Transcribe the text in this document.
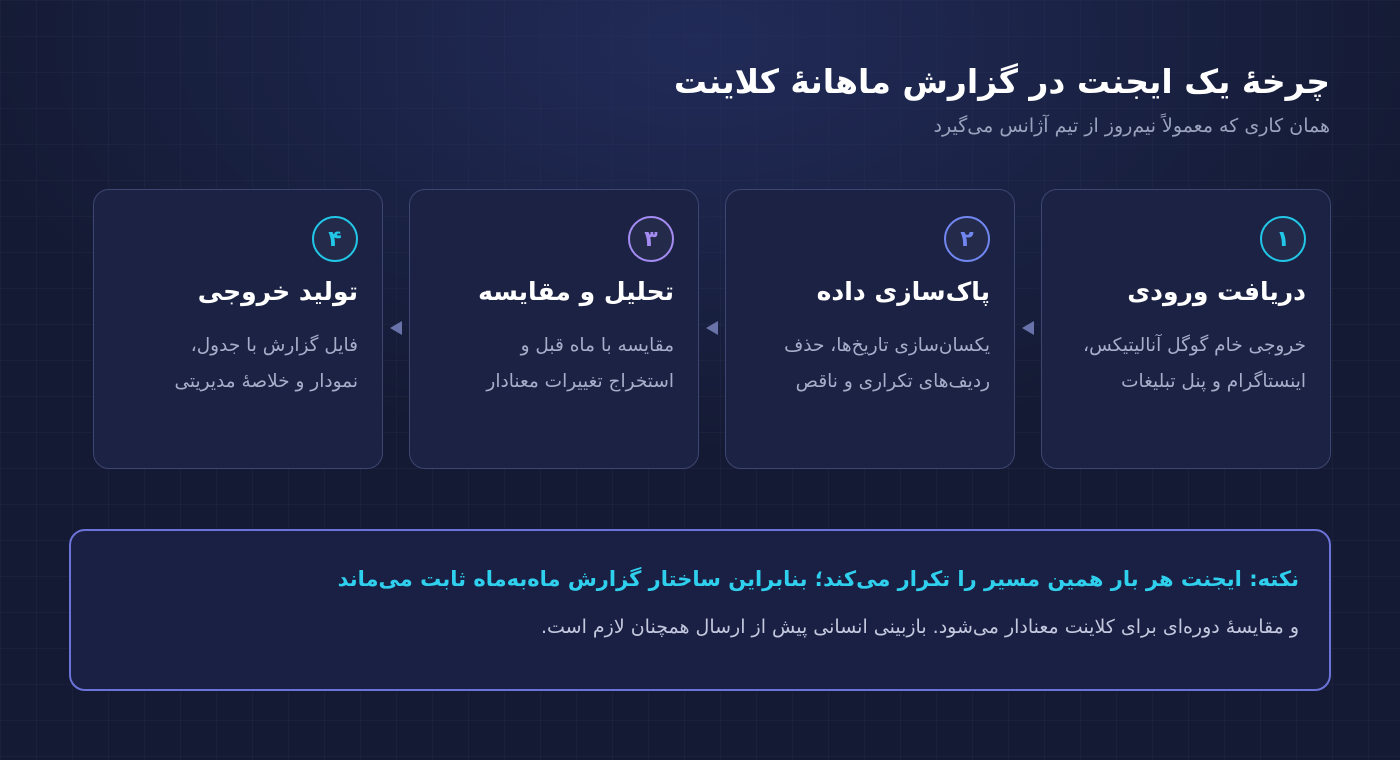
چرخهٔ یک ایجنت در گزارش ماهانهٔ کلاینت
همان کاری که معمولاً نیم‌روز از تیم آژانس می‌گیرد
۱
دریافت ورودی
خروجی خام گوگل آنالیتیکس،
اینستاگرام و پنل تبلیغات
۲
پاک‌سازی داده
یکسان‌سازی تاریخ‌ها، حذف
ردیف‌های تکراری و ناقص
۳
تحلیل و مقایسه
مقایسه با ماه قبل و
استخراج تغییرات معنادار
۴
تولید خروجی
فایل گزارش با جدول،
نمودار و خلاصهٔ مدیریتی
نکته: ایجنت هر بار همین مسیر را تکرار می‌کند؛ بنابراین ساختار گزارش ماه‌به‌ماه ثابت می‌ماند
و مقایسهٔ دوره‌ای برای کلاینت معنادار می‌شود. بازبینی انسانی پیش از ارسال همچنان لازم است.
